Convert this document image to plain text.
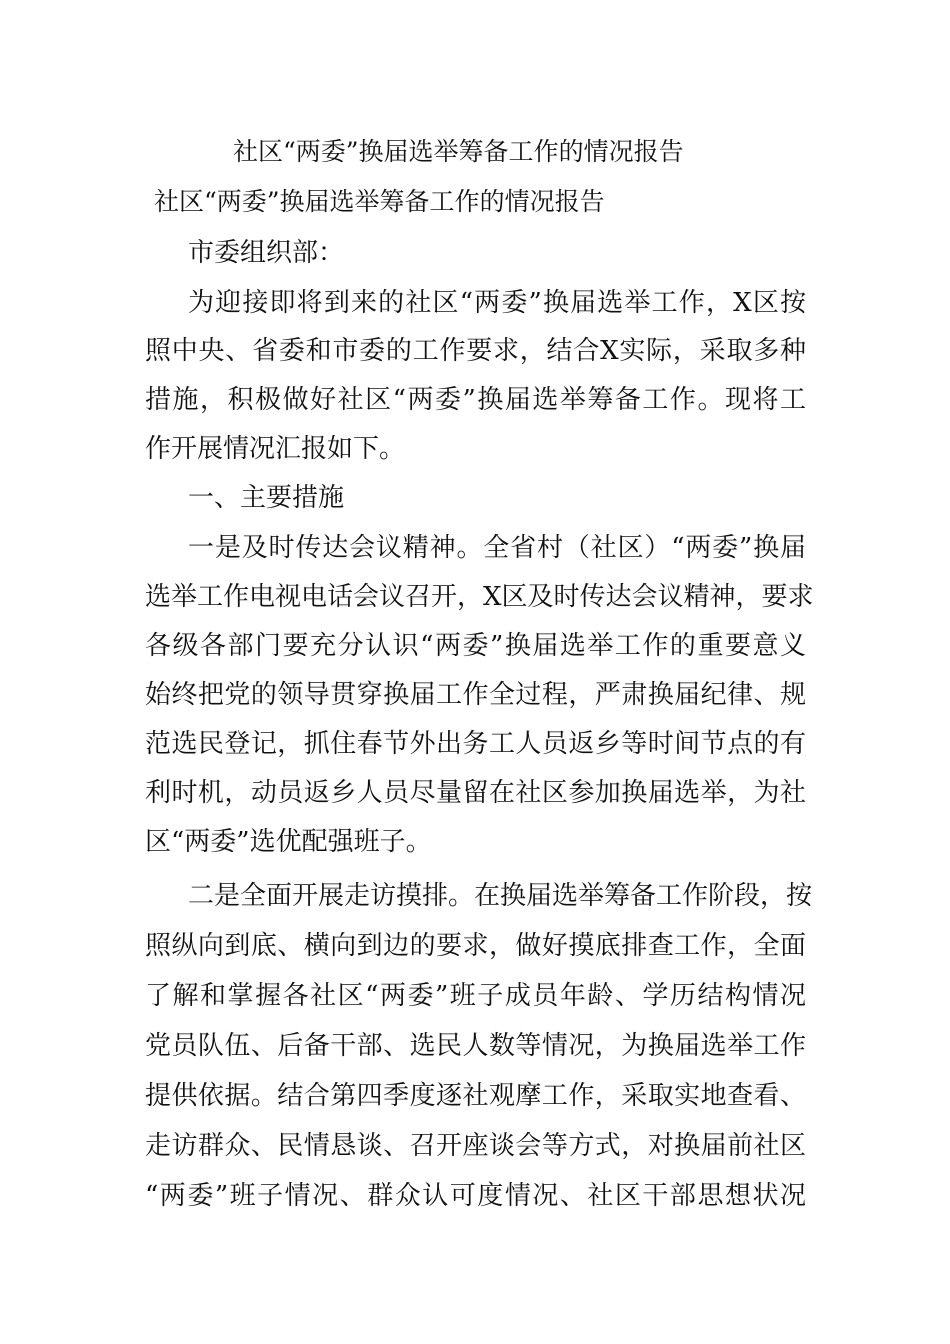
社区“两委”换届选举筹备工作的情况报告
社区“两委”换届选举筹备工作的情况报告
市委组织部：
为迎接即将到来的社区“两委”换届选举工作，X区按
照中央、省委和市委的工作要求，结合X实际，采取多种
措施，积极做好社区“两委”换届选举筹备工作。现将工
作开展情况汇报如下。
一、主要措施
一是及时传达会议精神。全省村（社区）“两委”换届
选举工作电视电话会议召开，X区及时传达会议精神，要求
各级各部门要充分认识“两委”换届选举工作的重要意义
始终把党的领导贯穿换届工作全过程，严肃换届纪律、规
范选民登记，抓住春节外出务工人员返乡等时间节点的有
利时机，动员返乡人员尽量留在社区参加换届选举，为社
区“两委”选优配强班子。
二是全面开展走访摸排。在换届选举筹备工作阶段，按
照纵向到底、横向到边的要求，做好摸底排查工作，全面
了解和掌握各社区“两委”班子成员年龄、学历结构情况
党员队伍、后备干部、选民人数等情况，为换届选举工作
提供依据。结合第四季度逐社观摩工作，采取实地查看、
走访群众、民情恳谈、召开座谈会等方式，对换届前社区
“两委”班子情况、群众认可度情况、社区干部思想状况
